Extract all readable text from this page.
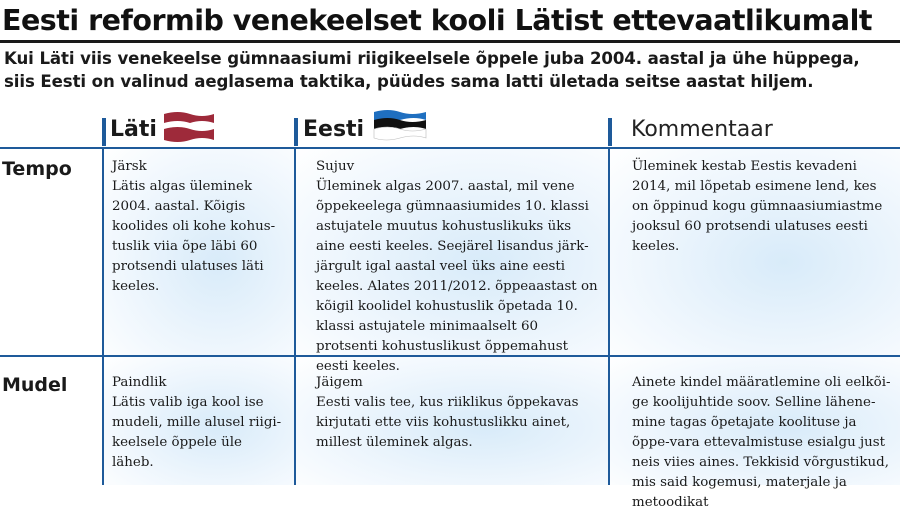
Eesti reformib venekeelset kooli Lätist ettevaatlikumalt
Kui Läti viis venekeelse gümnaasiumi riigikeelsele õppele juba 2004. aastal ja ühe hüppega, siis Eesti on valinud aeglasema taktika, püüdes sama latti ületada seitse aastat hiljem.
Läti	Eesti	Kommentaar
Tempo
Mudel
Järsk
Lätis algas üleminek 2004. aastal. Kõigis koolides oli kohe kohus-tuslik viia õpe läbi 60 protsendi ulatuses läti keeles.
Sujuv
Üleminek algas 2007. aastal, mil vene õppekeelega gümnaasiumides 10. klassi astujatele muutus kohustuslikuks üks aine eesti keeles. Seejärel lisandus järk-järgult igal aastal veel üks aine eesti keeles. Alates 2011/2012. õppeaastast on kõigil koolidel kohustuslik õpetada 10. klassi astujatele minimaalselt 60 protsenti kohustuslikust õppemahust eesti keeles.
Üleminek kestab Eestis kevadeni 2014, mil lõpetab esimene lend, kes on õppinud kogu gümnaasiumiastme jooksul 60 protsendi ulatuses eesti keeles.
Paindlik
Lätis valib iga kool ise mudeli, mille alusel riigi-keelsele õppele üle läheb.
Jäigem
Eesti valis tee, kus riiklikus õppekavas kirjutati ette viis kohustuslikku ainet, millest üleminek algas.
Ainete kindel määratlemine oli eelkõi-ge koolijuhtide soov. Selline lähene-mine tagas õpetajate koolituse ja õppe-vara ettevalmistuse esialgu just neis viies aines. Tekkisid võrgustikud, mis said kogemusi, materjale ja metoodikat
